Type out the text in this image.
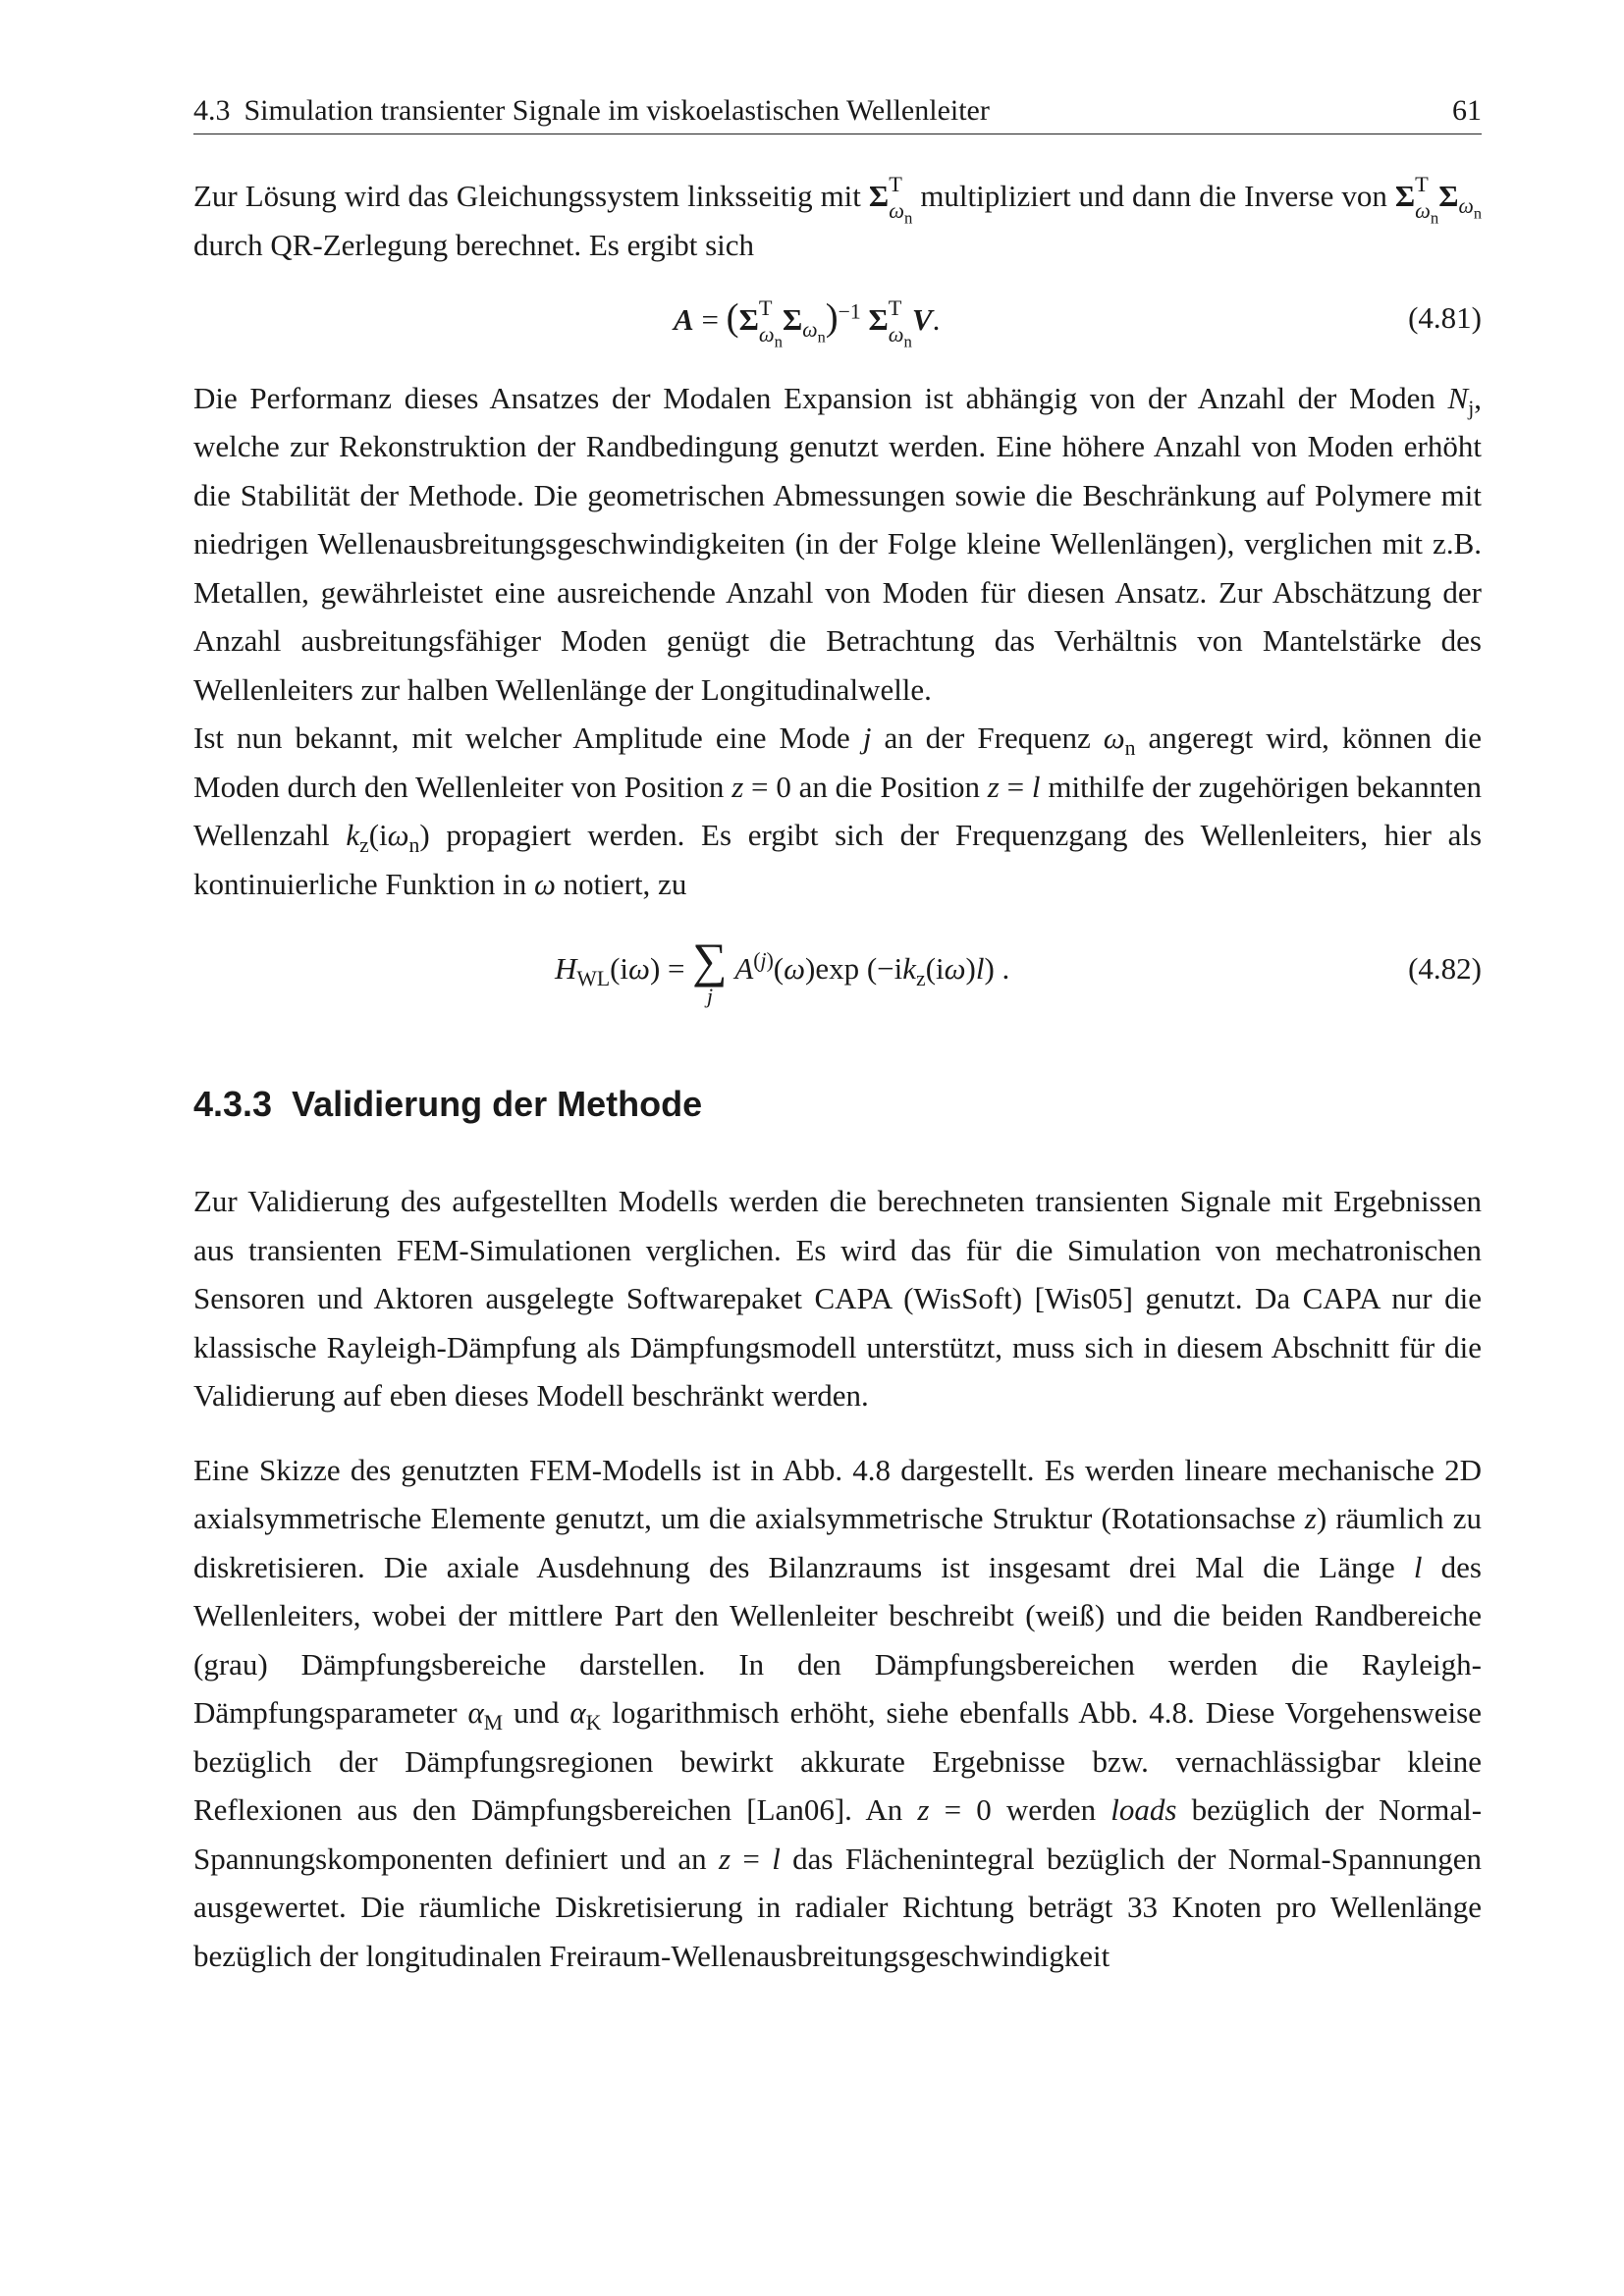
4.3 Simulation transienter Signale im viskoelastischen Wellenleiter	61

Zur Lösung wird das Gleichungssystem linksseitig mit Σ T
$\omega_n$
multipliziert und dann die Inverse von Σ T
$\omega_n$
$\Sigma_{\omega_n}$ durch QR-Zerlegung berechnet. Es ergibt sich

A = (Σ T
$\omega_n$
$\Sigma_{\omega_n})^{-1}$ Σ T
$\omega_n$
V.	(4.81)

Die Performanz dieses Ansatzes der Modalen Expansion ist abhängig von der Anzahl der Moden $N_j$, welche zur Rekonstruktion der Randbedingung genutzt werden. Eine höhere Anzahl von Moden erhöht die Stabilität der Methode. Die geometrischen Abmessungen sowie die Beschränkung auf Polymere mit niedrigen Wellenausbreitungsgeschwindigkeiten (in der Folge kleine Wellenlängen), verglichen mit z.B. Metallen, gewährleistet eine ausreichende Anzahl von Moden für diesen Ansatz. Zur Abschätzung der Anzahl ausbreitungsfähiger Moden genügt die Betrachtung das Verhältnis von Mantelstärke des Wellenleiters zur halben Wellenlänge der Longitudinalwelle.

Ist nun bekannt, mit welcher Amplitude eine Mode j an der Frequenz $\omega_n$ angeregt wird, können die Moden durch den Wellenleiter von Position z = 0 an die Position z = l mithilfe der zugehörigen bekannten Wellenzahl $k_z(i\omega_n)$ propagiert werden. Es ergibt sich der Frequenzgang des Wellenleiters, hier als kontinuierliche Funktion in ω notiert, zu

$H_{WL}(i\omega)$ = ∑
j
$A^{(j)}(\omega)\exp$ $(-ik_z(i\omega)l)$ .	(4.82)
4.3.3 Validierung der Methode

Zur Validierung des aufgestellten Modells werden die berechneten transienten Signale mit Ergebnissen aus transienten FEM-Simulationen verglichen. Es wird das für die Simulation von mechatronischen Sensoren und Aktoren ausgelegte Softwarepaket CAPA (WisSoft) [Wis05] genutzt. Da CAPA nur die klassische Rayleigh-Dämpfung als Dämpfungsmodell unterstützt, muss sich in diesem Abschnitt für die Validierung auf eben dieses Modell beschränkt werden.

Eine Skizze des genutzten FEM-Modells ist in Abb. 4.8 dargestellt. Es werden lineare mechanische 2D axialsymmetrische Elemente genutzt, um die axialsymmetrische Struktur (Rotationsachse z) räumlich zu diskretisieren. Die axiale Ausdehnung des Bilanzraums ist insgesamt drei Mal die Länge l des Wellenleiters, wobei der mittlere Part den Wellenleiter beschreibt (weiß) und die beiden Randbereiche (grau) Dämpfungsbereiche darstellen. In den Dämpfungsbereichen werden die Rayleigh-Dämpfungsparameter $\alpha_M$ und $\alpha_K$ logarithmisch erhöht, siehe ebenfalls Abb. 4.8. Diese Vorgehensweise bezüglich der Dämpfungsregionen bewirkt akkurate Ergebnisse bzw. vernachlässigbar kleine Reflexionen aus den Dämpfungsbereichen [Lan06]. An z = 0 werden loads bezüglich der Normal-Spannungskomponenten definiert und an z = l das Flächenintegral bezüglich der Normal-Spannungen ausgewertet. Die räumliche Diskretisierung in radialer Richtung beträgt 33 Knoten pro Wellenlänge bezüglich der longitudinalen Freiraum-Wellenausbreitungsgeschwindigkeit
